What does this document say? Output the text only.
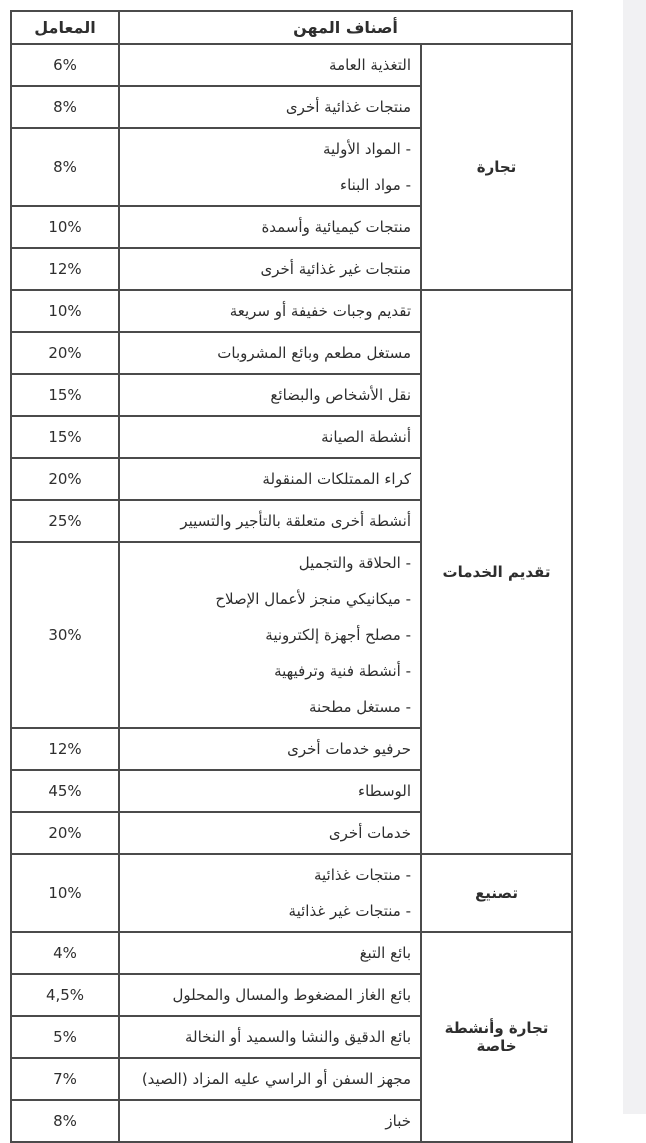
أصناف المهن		المعامل
تجارة	التغذية العامة	6%

	منتجات غذائية أخرى	8%

	- المواد الأولية
- مواد البناء	8%

	منتجات كيميائية وأسمدة	10%

	منتجات غير غذائية أخرى	12%
تقديم الخدمات	تقديم وجبات خفيفة أو سريعة	10%

	مستغل مطعم وبائع المشروبات	20%

	نقل الأشخاص والبضائع	15%

	أنشطة الصيانة	15%

	كراء الممتلكات المنقولة	20%

	أنشطة أخرى متعلقة بالتأجير والتسيير	25%

	- الحلاقة والتجميل
- ميكانيكي منجز لأعمال الإصلاح
- مصلح أجهزة إلكترونية
- أنشطة فنية وترفيهية
- مستغل مطحنة	30%

	حرفيو خدمات أخرى	12%

	الوسطاء	45%

	خدمات أخرى	20%
تصنيع	- منتجات غذائية
- منتجات غير غذائية	10%
تجارة وأنشطة خاصة	بائع التبغ	4%

	بائع الغاز المضغوط والمسال والمحلول	4,5%

	بائع الدقيق والنشا والسميد أو النخالة	5%

	مجهز السفن أو الراسي عليه المزاد (الصيد)	7%

	خباز	8%
